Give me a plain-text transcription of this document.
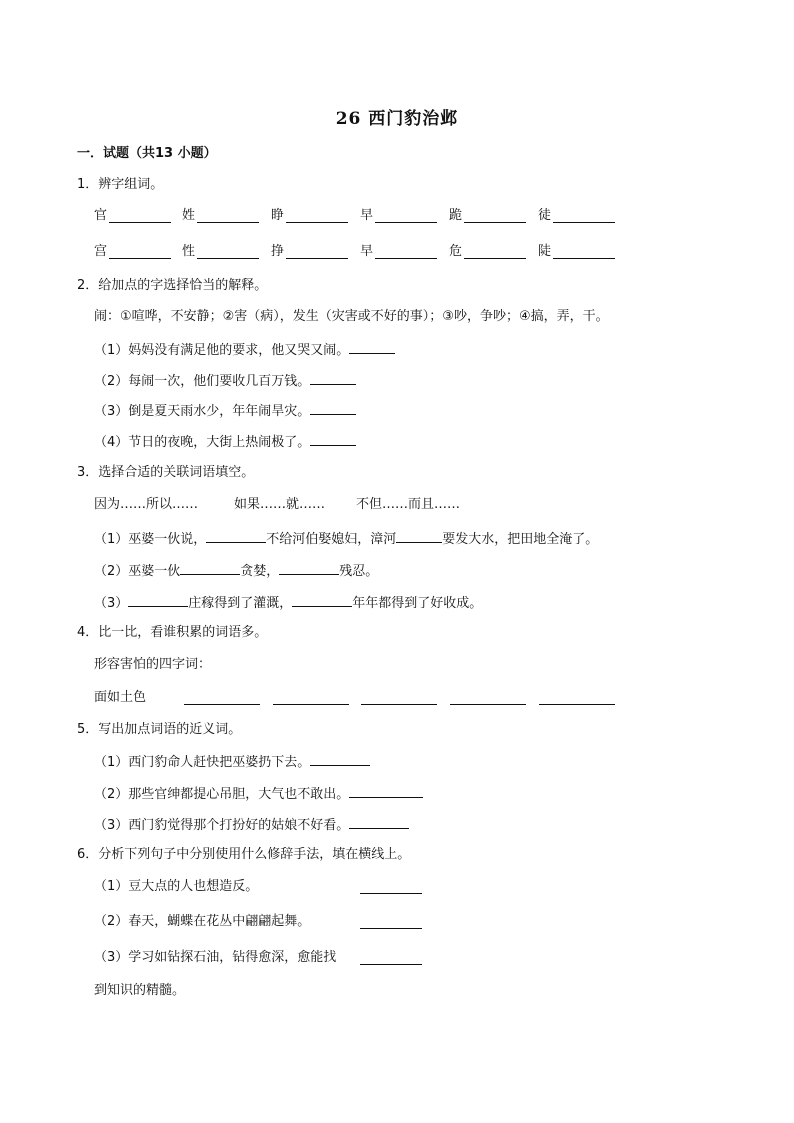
26 西门豹治邺
一．试题（共13 小题）
1．辨字组词。
官	姓	睁	早	跪	徒
宫	性	挣	早	危	陡
2．给加点的字选择恰当的解释。
闹：①喧哗，不安静；②害（病），发生（灾害或不好的事）；③吵，争吵；④搞，弄，干。
（1）妈妈没有满足他的要求，他又哭又闹。
（2）每闹一次，他们要收几百万钱。
（3）倒是夏天雨水少，年年闹旱灾。
（4）节日的夜晚，大街上热闹极了。
3．选择合适的关联词语填空。
因为……所以……	如果……就…… 不但……而且……
（1）巫婆一伙说，	不给河伯娶媳妇，漳河	要发大水，把田地全淹了。
（2）巫婆一伙	贪婪，	残忍。
（3）	庄稼得到了灌溉，	年年都得到了好收成。
4．比一比，看谁积累的词语多。
形容害怕的四字词：
面如土色
5．写出加点词语的近义词。
（1）西门豹命人赶快把巫婆扔下去。
（2）那些官绅都提心吊胆，大气也不敢出。
（3）西门豹觉得那个打扮好的姑娘不好看。
6．分析下列句子中分别使用什么修辞手法，填在横线上。
（1）豆大点的人也想造反。
（2）春天，蝴蝶在花丛中翩翩起舞。
（3）学习如钻探石油，钻得愈深，愈能找
到知识的精髓。
